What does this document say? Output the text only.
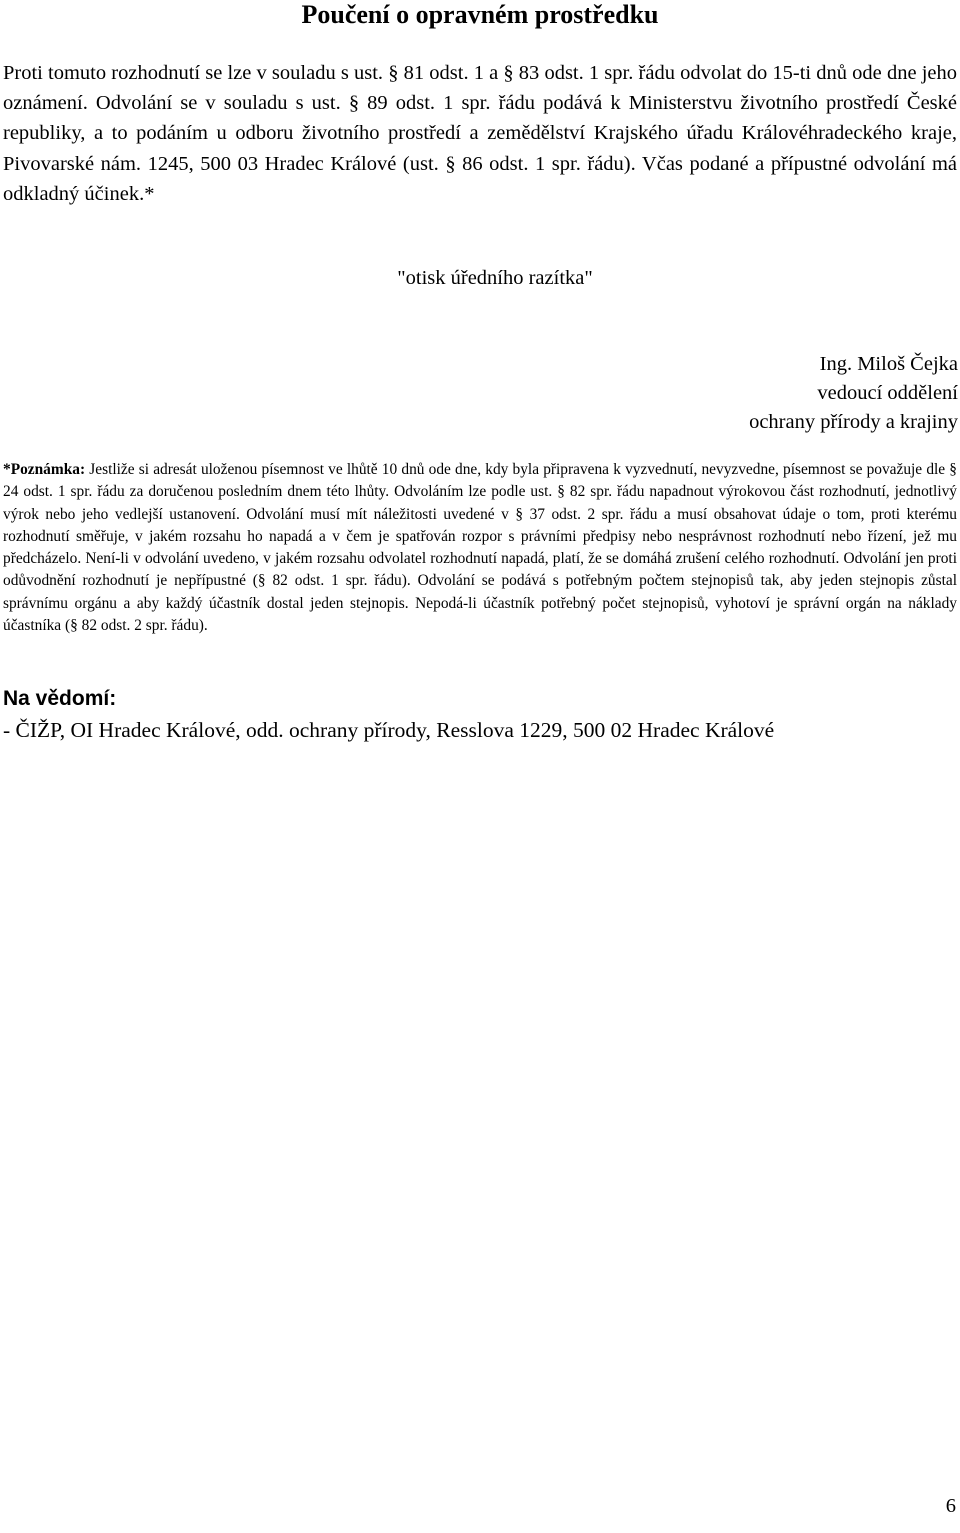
Poučení o opravném prostředku

Proti tomuto rozhodnutí se lze v souladu s ust. § 81 odst. 1 a § 83 odst. 1 spr. řádu odvolat do 15-ti dnů ode dne jeho oznámení. Odvolání se v souladu s ust. § 89 odst. 1 spr. řádu podává k Ministerstvu životního prostředí České republiky, a to podáním u odboru životního prostředí a zemědělství Krajského úřadu Královéhradeckého kraje, Pivovarské nám. 1245, 500 03 Hradec Králové (ust. § 86 odst. 1 spr. řádu). Včas podané a přípustné odvolání má odkladný účinek.*

"otisk úředního razítka"
Ing. Miloš Čejka
vedoucí oddělení
ochrany přírody a krajiny

*Poznámka: Jestliže si adresát uloženou písemnost ve lhůtě 10 dnů ode dne, kdy byla připravena k vyzvednutí, nevyzvedne, písemnost se považuje dle § 24 odst. 1 spr. řádu za doručenou posledním dnem této lhůty. Odvoláním lze podle ust. § 82 spr. řádu napadnout výrokovou část rozhodnutí, jednotlivý výrok nebo jeho vedlejší ustanovení. Odvolání musí mít náležitosti uvedené v § 37 odst. 2 spr. řádu a musí obsahovat údaje o tom, proti kterému rozhodnutí směřuje, v jakém rozsahu ho napadá a v čem je spatřován rozpor s právními předpisy nebo nesprávnost rozhodnutí nebo řízení, jež mu předcházelo. Není-li v odvolání uvedeno, v jakém rozsahu odvolatel rozhodnutí napadá, platí, že se domáhá zrušení celého rozhodnutí. Odvolání jen proti odůvodnění rozhodnutí je nepřípustné (§ 82 odst. 1 spr. řádu). Odvolání se podává s potřebným počtem stejnopisů tak, aby jeden stejnopis zůstal správnímu orgánu a aby každý účastník dostal jeden stejnopis. Nepodá-li účastník potřebný počet stejnopisů, vyhotoví je správní orgán na náklady účastníka (§ 82 odst. 2 spr. řádu).

Na vědomí:
- ČIŽP, OI Hradec Králové, odd. ochrany přírody, Resslova 1229, 500 02 Hradec Králové
6
